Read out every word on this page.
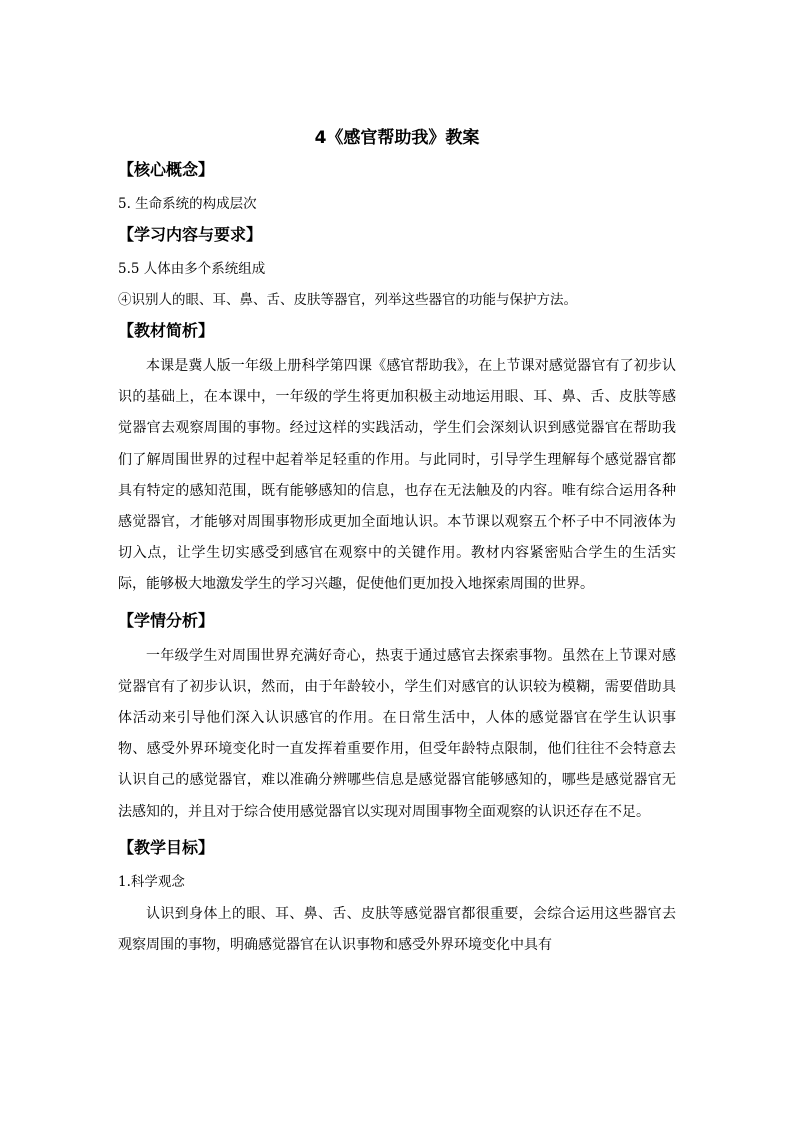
4《感官帮助我》教案
【核心概念】
5. 生命系统的构成层次
【学习内容与要求】
5.5 人体由多个系统组成
④识别人的眼、耳、鼻、舌、皮肤等器官，列举这些器官的功能与保护方法。
【教材简析】

本课是冀人版一年级上册科学第四课《感官帮助我》，在上节课对感觉器官有了初步认识的基础上，在本课中，一年级的学生将更加积极主动地运用眼、耳、鼻、舌、皮肤等感觉器官去观察周围的事物。经过这样的实践活动，学生们会深刻认识到感觉器官在帮助我们了解周围世界的过程中起着举足轻重的作用。与此同时，引导学生理解每个感觉器官都具有特定的感知范围，既有能够感知的信息，也存在无法触及的内容。唯有综合运用各种感觉器官，才能够对周围事物形成更加全面地认识。本节课以观察五个杯子中不同液体为切入点，让学生切实感受到感官在观察中的关键作用。教材内容紧密贴合学生的生活实际，能够极大地激发学生的学习兴趣，促使他们更加投入地探索周围的世界。

【学情分析】

一年级学生对周围世界充满好奇心，热衷于通过感官去探索事物。虽然在上节课对感觉器官有了初步认识，然而，由于年龄较小，学生们对感官的认识较为模糊，需要借助具体活动来引导他们深入认识感官的作用。在日常生活中，人体的感觉器官在学生认识事物、感受外界环境变化时一直发挥着重要作用，但受年龄特点限制，他们往往不会特意去认识自己的感觉器官，难以准确分辨哪些信息是感觉器官能够感知的，哪些是感觉器官无法感知的，并且对于综合使用感觉器官以实现对周围事物全面观察的认识还存在不足。

【教学目标】
1.科学观念

认识到身体上的眼、耳、鼻、舌、皮肤等感觉器官都很重要，会综合运用这些器官去观察周围的事物，明确感觉器官在认识事物和感受外界环境变化中具有
